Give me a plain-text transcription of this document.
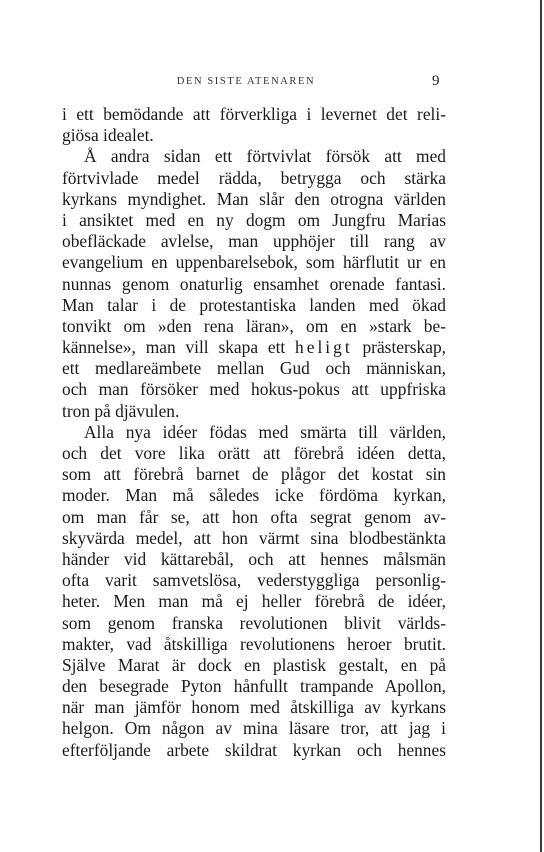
DEN SISTE ATENAREN	9
i ett bemödande att förverkliga i levernet det reli-
giösa idealet.
Å andra sidan ett förtvivlat försök att med
förtvivlade medel rädda, betrygga och stärka
kyrkans myndighet. Man slår den otrogna världen
i ansiktet med en ny dogm om Jungfru Marias
obefläckade avlelse, man upphöjer till rang av
evangelium en uppenbarelsebok, som härflutit ur en
nunnas genom onaturlig ensamhet orenade fantasi.
Man talar i de protestantiska landen med ökad
tonvikt om »den rena läran», om en »stark be-
kännelse», man vill skapa ett heligt prästerskap,
ett medlareämbete mellan Gud och människan,
och man försöker med hokus-pokus att uppfriska
tron på djävulen.
Alla nya idéer födas med smärta till världen,
och det vore lika orätt att förebrå idéen detta,
som att förebrå barnet de plågor det kostat sin
moder. Man må således icke fördöma kyrkan,
om man får se, att hon ofta segrat genom av-
skyvärda medel, att hon värmt sina blodbestänkta
händer vid kättarebål, och att hennes målsmän
ofta varit samvetslösa, vederstyggliga personlig-
heter. Men man må ej heller förebrå de idéer,
som genom franska revolutionen blivit världs-
makter, vad åtskilliga revolutionens heroer brutit.
Själve Marat är dock en plastisk gestalt, en på
den besegrade Pyton hånfullt trampande Apollon,
när man jämför honom med åtskilliga av kyrkans
helgon. Om någon av mina läsare tror, att jag i
efterföljande arbete skildrat kyrkan och hennes
